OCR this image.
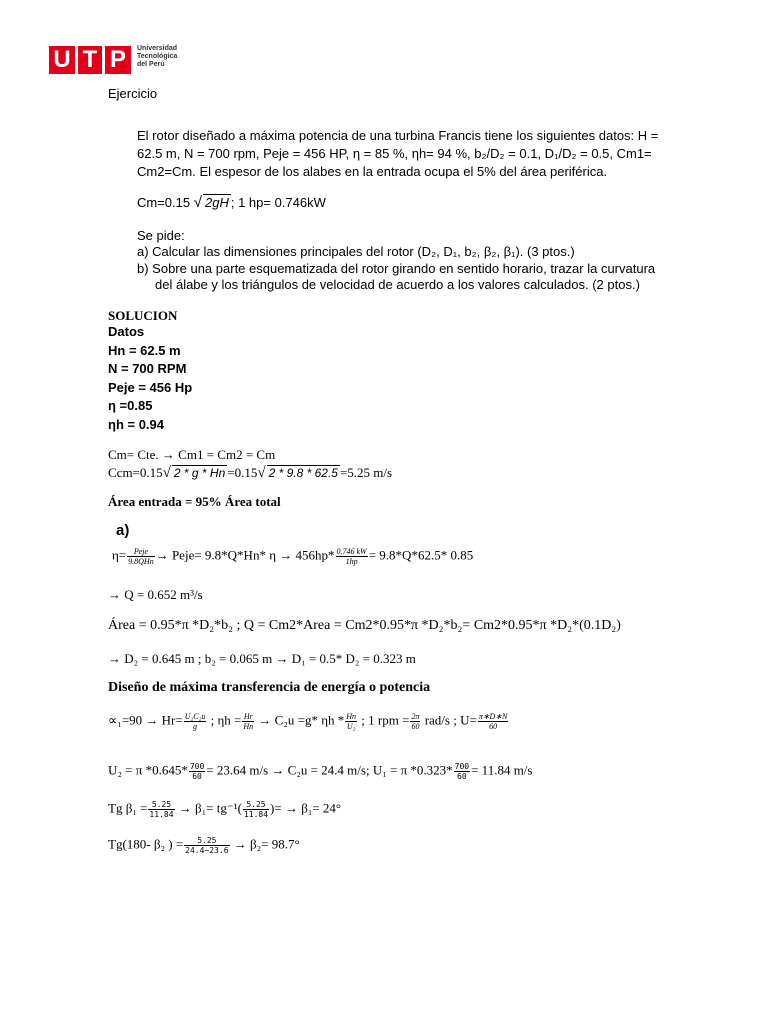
U T P	Universidad
Tecnológica
del Perú
Ejercicio
El rotor diseñado a máxima potencia de una turbina Francis tiene los siguientes datos: H =
62.5 m, N = 700 rpm, Peje = 456 HP, η = 85 %, ηh= 94 %, b₂/D₂ = 0.1, D₁/D₂ = 0.5, Cm1=
Cm2=Cm. El espesor de los alabes en la entrada ocupa el 5% del área periférica.
Cm=0.15 √ 2gH ; 1 hp= 0.746kW
Se pide:
a) Calcular las dimensiones principales del rotor (D₂, D₁, b₂, β₂, β₁). (3 ptos.)
b) Sobre una parte esquematizada del rotor girando en sentido horario, trazar la curvatura
del álabe y los triángulos de velocidad de acuerdo a los valores calculados. (2 ptos.)
SOLUCION
Datos
Hn = 62.5 m
N = 700 RPM
Peje = 456 Hp
η =0.85
ηh = 0.94
Cm= Cte. → Cm1 = Cm2 = Cm
Ccm=0.15√ 2 * g * Hn =0.15√ 2 * 9.8 * 62.5 =5.25 m/s
Área entrada = 95% Área total
a)
$\eta= \frac{\text{Peje}}{\text{9.8QHn}}$ → Peje= 9.8*Q*Hn* $\eta \to 456hp* \frac{0.746 kW}{1hp} = 9.8*Q*62.5*$ 0.85
→ Q = 0.652 m³/s
Área = 0.95*π *D₂*b₂ ; Q = Cm2*Area = Cm2*0.95*π *D₂*b₂= Cm2*0.95*π *D₂*(0.1D₂)
→ D₂ = 0.645 m ; b₂ = 0.065 m → D₁ = 0.5* D₂ = 0.323 m
Diseño de máxima transferencia de energía o potencia
$\propto_1=90 \to Hr= \frac{\text{U₂C₂u}}{g}$ ; $\eta h = \frac{Hr}{Hn} \to C_2u =g*$ ηh * $\frac{Hn}{\text{U₂}}$ ; 1 rpm = $\frac{2\pi}{60} rad/s$ ; $U= \frac{\pi∗D∗N}{60}$
U₂ = π $*0.645* \frac{700}{60} = 23.64$ m/s → C₂u = 24.4 m/s; U₁ = π $*0.323* \frac{700}{60} = 11.84$ m/s
Tg $\beta_1 = \frac{5.25}{11.84} \to \beta_1= tg^{-1}( \frac{5.25}{11.84}$ )= → β₁= 24°
Tg(180- β₂ ) = $\frac{5.25}{24.4-23.6} \to \beta_2= 98.7^\circ$
